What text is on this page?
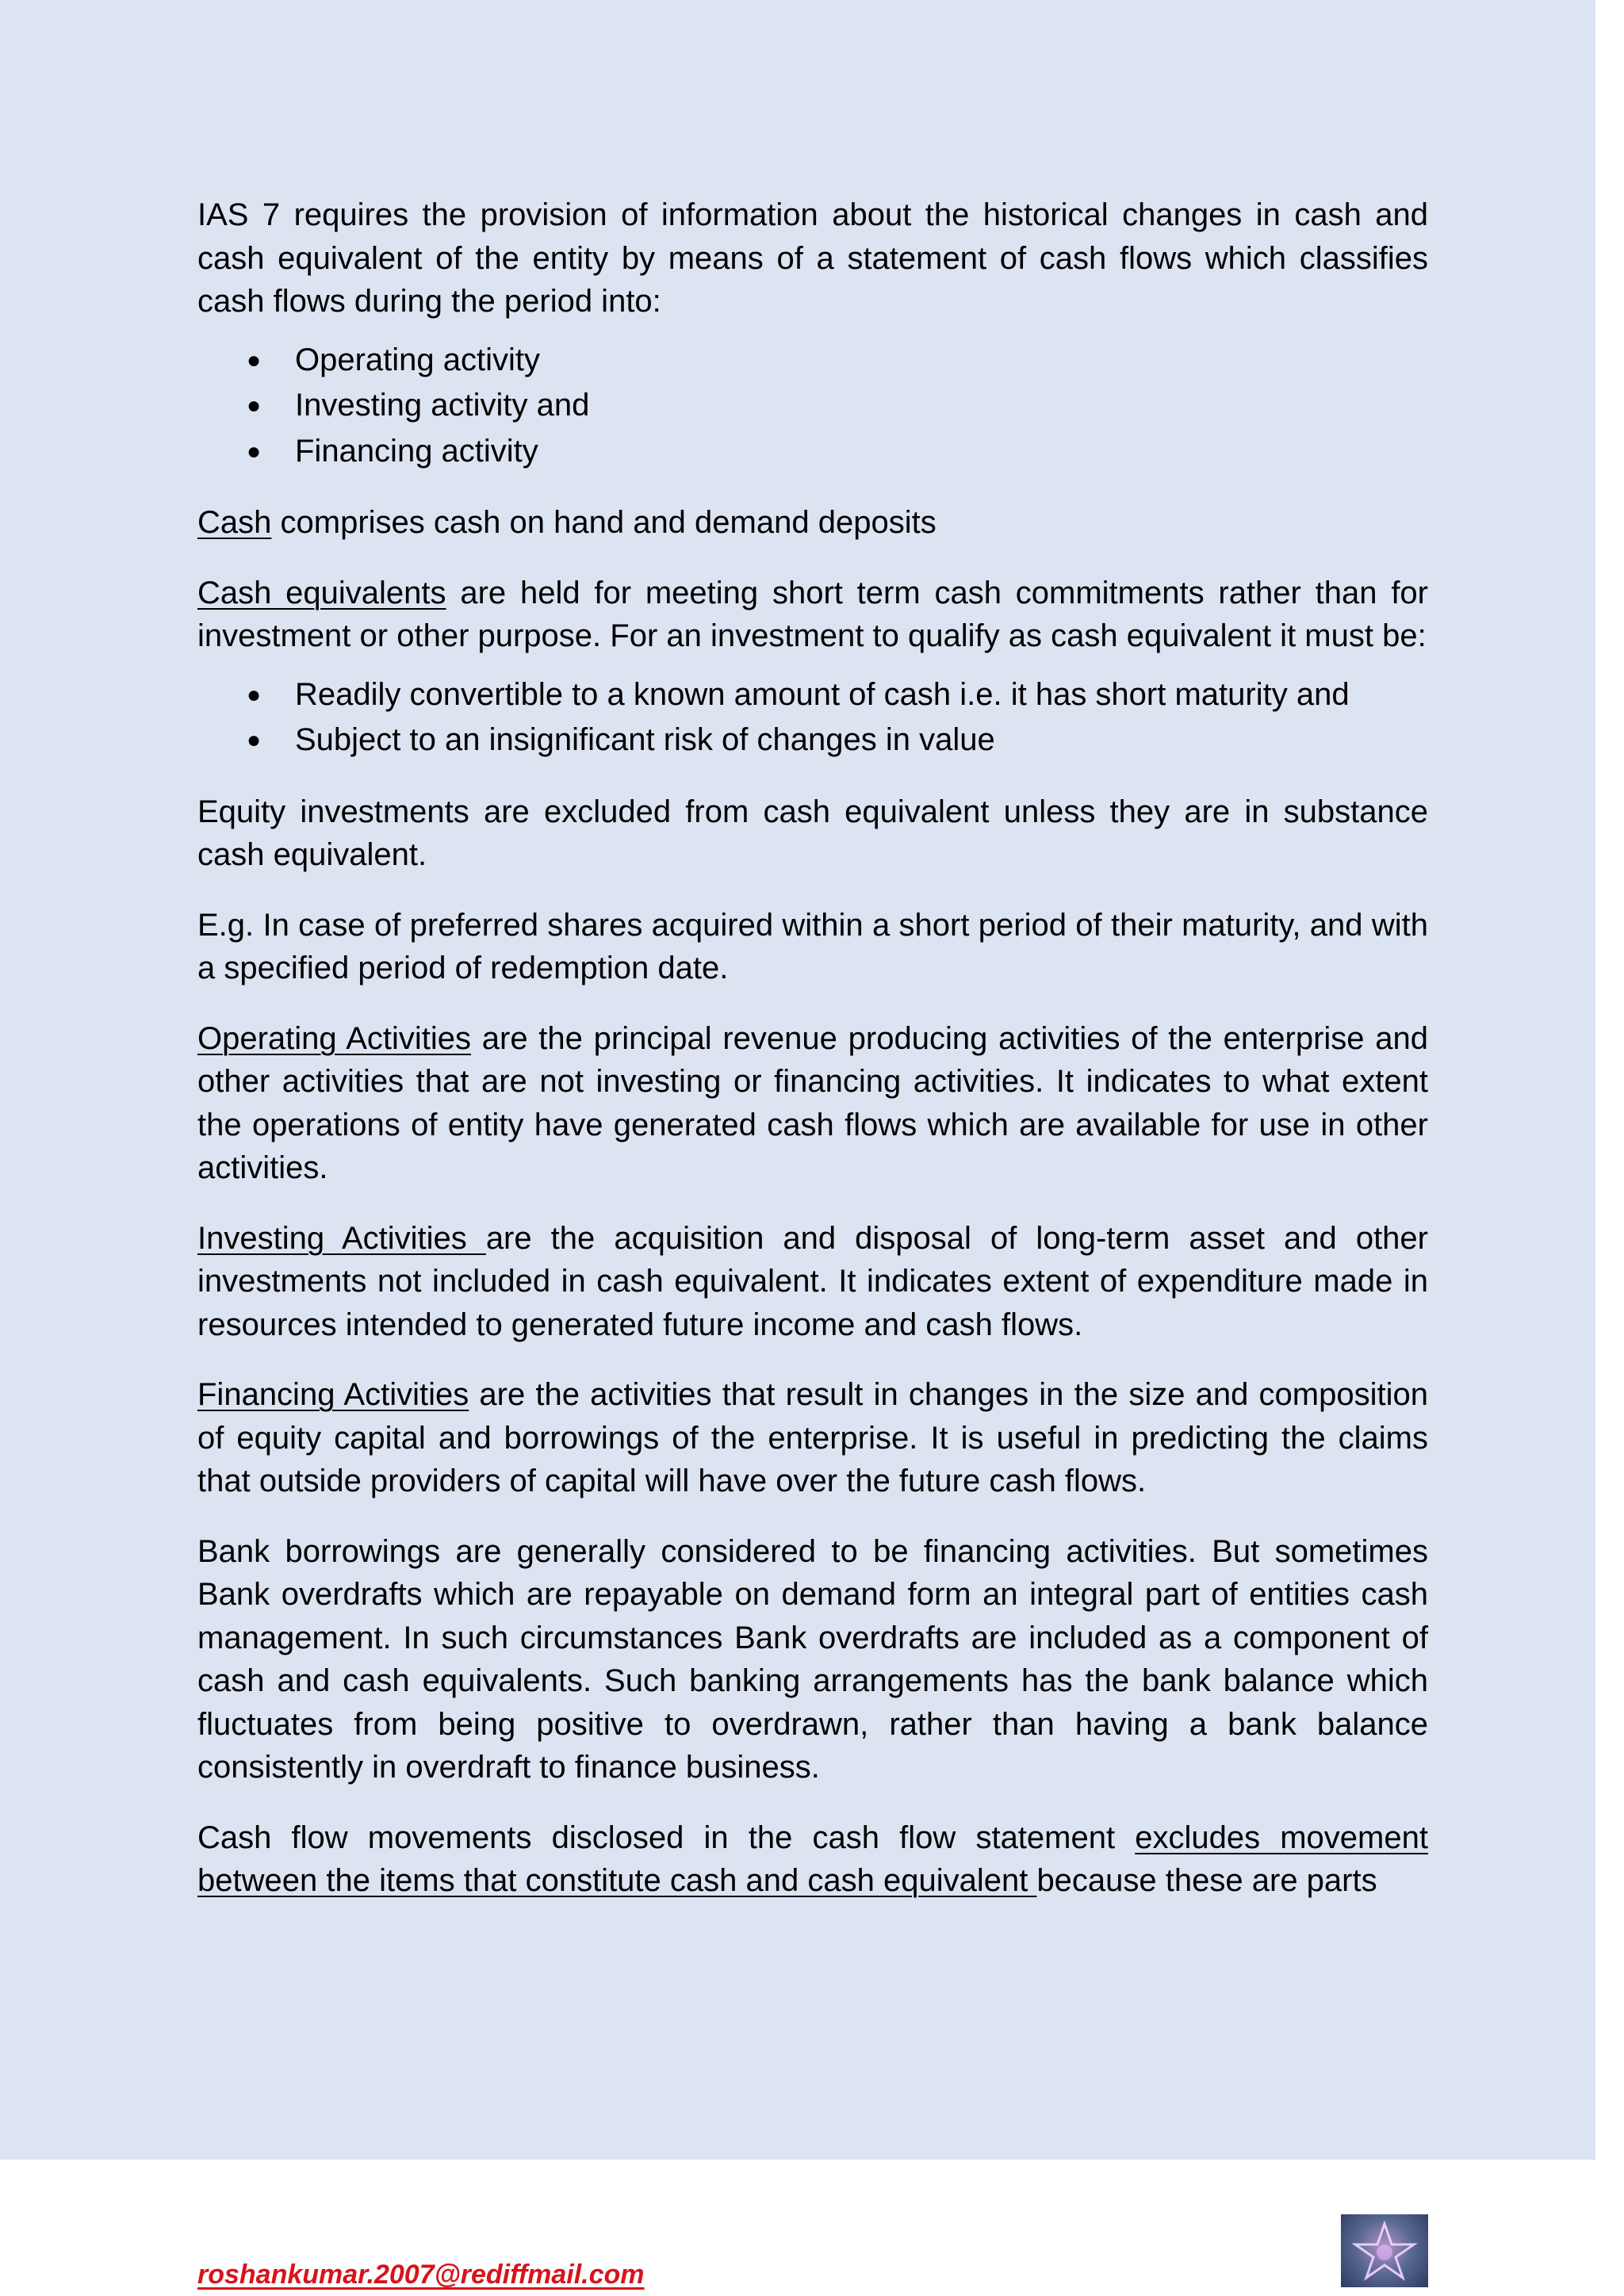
IAS 7 requires the provision of information about the historical changes in cash and cash equivalent of the entity by means of a statement of cash flows which classifies cash flows during the period into:

● Operating activity
● Investing activity and
● Financing activity

Cash comprises cash on hand and demand deposits

Cash equivalents are held for meeting short term cash commitments rather than for investment or other purpose. For an investment to qualify as cash equivalent it must be:

● Readily convertible to a known amount of cash i.e. it has short maturity and
● Subject to an insignificant risk of changes in value

Equity investments are excluded from cash equivalent unless they are in substance cash equivalent.

E.g. In case of preferred shares acquired within a short period of their maturity, and with a specified period of redemption date.

Operating Activities are the principal revenue producing activities of the enterprise and other activities that are not investing or financing activities. It indicates to what extent the operations of entity have generated cash flows which are available for use in other activities.

Investing Activities are the acquisition and disposal of long-term asset and other investments not included in cash equivalent. It indicates extent of expenditure made in resources intended to generated future income and cash flows.

Financing Activities are the activities that result in changes in the size and composition of equity capital and borrowings of the enterprise. It is useful in predicting the claims that outside providers of capital will have over the future cash flows.

Bank borrowings are generally considered to be financing activities. But sometimes Bank overdrafts which are repayable on demand form an integral part of entities cash management. In such circumstances Bank overdrafts are included as a component of cash and cash equivalents. Such banking arrangements has the bank balance which fluctuates from being positive to overdrawn, rather than having a bank balance consistently in overdraft to finance business.

Cash flow movements disclosed in the cash flow statement excludes movement between the items that constitute cash and cash equivalent because these are parts

roshankumar.2007@rediffmail.com
